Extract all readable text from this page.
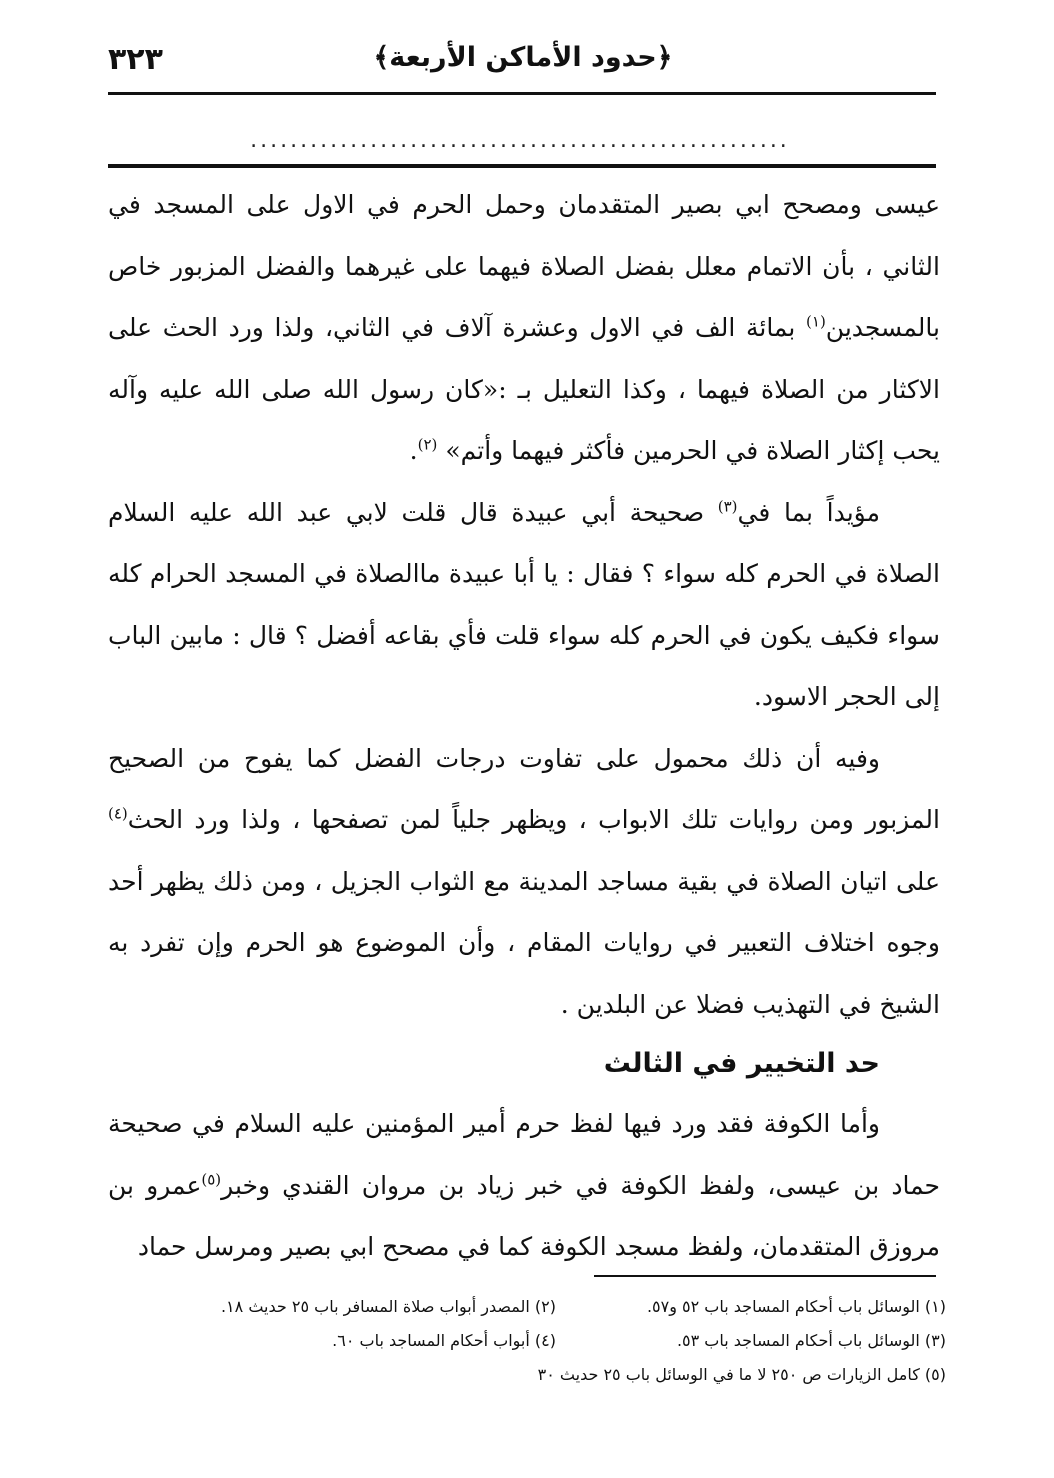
٣٢٣	﴿حدود الأماكن الأربعة﴾
......................................................

عيسى ومصحح ابي بصير المتقدمان وحمل الحرم في الاول على المسجد في الثاني ، بأن الاتمام معلل بفضل الصلاة فيهما على غيرهما والفضل المزبور خاص بالمسجدين$^{(١)}$ بمائة الف في الاول وعشرة آلاف في الثاني، ولذا ورد الحث على الاكثار من الصلاة فيهما ، وكذا التعليل بـ :«كان رسول الله صلى الله عليه وآله يحب إكثار الصلاة في الحرمين فأكثر فيهما وأتم» $^{(٢)}$.

مؤيداً بما في$^{(٣)}$ صحيحة أبي عبيدة قال قلت لابي عبد الله عليه السلام الصلاة في الحرم كله سواء ؟ فقال : يا أبا عبيدة ماالصلاة في المسجد الحرام كله سواء فكيف يكون في الحرم كله سواء قلت فأي بقاعه أفضل ؟ قال : مابين الباب إلى الحجر الاسود.

وفيه أن ذلك محمول على تفاوت درجات الفضل كما يفوح من الصحيح المزبور ومن روايات تلك الابواب ، ويظهر جلياً لمن تصفحها ، ولذا ورد الحث$^{(٤)}$ على اتيان الصلاة في بقية مساجد المدينة مع الثواب الجزيل ، ومن ذلك يظهر أحد وجوه اختلاف التعبير في روايات المقام ، وأن الموضوع هو الحرم وإن تفرد به الشيخ في التهذيب فضلا عن البلدين .

حد التخيير في الثالث

وأما الكوفة فقد ورد فيها لفظ حرم أمير المؤمنين عليه السلام في صحيحة حماد بن عيسى، ولفظ الكوفة في خبر زياد بن مروان القندي وخبر$^{(٥)}$عمرو بن مروزق المتقدمان، ولفظ مسجد الكوفة كما في مصحح ابي بصير ومرسل حماد

(١) الوسائل باب أحكام المساجد باب ٥٢ و٥٧.
(٢) المصدر أبواب صلاة المسافر باب ٢٥ حديث ١٨.
(٣) الوسائل باب أحكام المساجد باب ٥٣.
(٤) أبواب أحكام المساجد باب ٦٠.
(٥) كامل الزيارات ص ٢٥٠ لا ما في الوسائل باب ٢٥ حديث ٣٠
